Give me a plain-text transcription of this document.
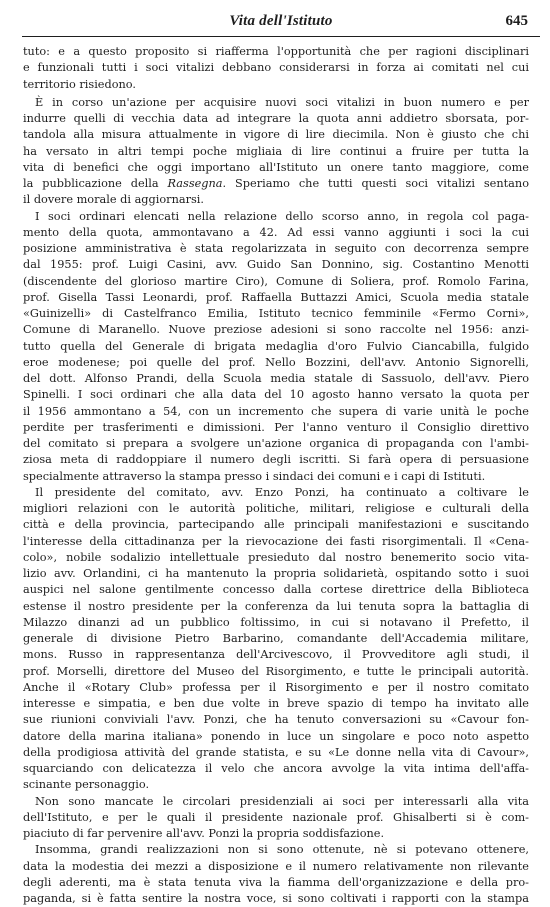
Vita dell'Istituto	645
tuto: e a questo proposito si riafferma l'opportunità che per ragioni disciplinari
e funzionali tutti i soci vitalizi debbano considerarsi in forza ai comitati nel cui
territorio risiedono.
È in corso un'azione per acquisire nuovi soci vitalizi in buon numero e per
indurre quelli di vecchia data ad integrare la quota anni addietro sborsata, por-
tandola alla misura attualmente in vigore di lire diecimila. Non è giusto che chi
ha versato in altri tempi poche migliaia di lire continui a fruire per tutta la
vita di benefici che oggi importano all'Istituto un onere tanto maggiore, come
la pubblicazione della Rassegna. Speriamo che tutti questi soci vitalizi sentano
il dovere morale di aggiornarsi.
I soci ordinari elencati nella relazione dello scorso anno, in regola col paga-
mento della quota, ammontavano a 42. Ad essi vanno aggiunti i soci la cui
posizione amministrativa è stata regolarizzata in seguito con decorrenza sempre
dal 1955: prof. Luigi Casini, avv. Guido San Donnino, sig. Costantino Menotti
(discendente del glorioso martire Ciro), Comune di Soliera, prof. Romolo Farina,
prof. Gisella Tassi Leonardi, prof. Raffaella Buttazzi Amici, Scuola media statale
«Guinizelli» di Castelfranco Emilia, Istituto tecnico femminile «Fermo Corni»,
Comune di Maranello. Nuove preziose adesioni si sono raccolte nel 1956: anzi-
tutto quella del Generale di brigata medaglia d'oro Fulvio Ciancabilla, fulgido
eroe modenese; poi quelle del prof. Nello Bozzini, dell'avv. Antonio Signorelli,
del dott. Alfonso Prandi, della Scuola media statale di Sassuolo, dell'avv. Piero
Spinelli. I soci ordinari che alla data del 10 agosto hanno versato la quota per
il 1956 ammontano a 54, con un incremento che supera di varie unità le poche
perdite per trasferimenti e dimissioni. Per l'anno venturo il Consiglio direttivo
del comitato si prepara a svolgere un'azione organica di propaganda con l'ambi-
ziosa meta di raddoppiare il numero degli iscritti. Si farà opera di persuasione
specialmente attraverso la stampa presso i sindaci dei comuni e i capi di Istituti.
Il presidente del comitato, avv. Enzo Ponzi, ha continuato a coltivare le
migliori relazioni con le autorità politiche, militari, religiose e culturali della
città e della provincia, partecipando alle principali manifestazioni e suscitando
l'interesse della cittadinanza per la rievocazione dei fasti risorgimentali. Il «Cena-
colo», nobile sodalizio intellettuale presieduto dal nostro benemerito socio vita-
lizio avv. Orlandini, ci ha mantenuto la propria solidarietà, ospitando sotto i suoi
auspici nel salone gentilmente concesso dalla cortese direttrice della Biblioteca
estense il nostro presidente per la conferenza da lui tenuta sopra la battaglia di
Milazzo dinanzi ad un pubblico foltissimo, in cui si notavano il Prefetto, il
generale di divisione Pietro Barbarino, comandante dell'Accademia militare,
mons. Russo in rappresentanza dell'Arcivescovo, il Provveditore agli studi, il
prof. Morselli, direttore del Museo del Risorgimento, e tutte le principali autorità.
Anche il «Rotary Club» professa per il Risorgimento e per il nostro comitato
interesse e simpatia, e ben due volte in breve spazio di tempo ha invitato alle
sue riunioni conviviali l'avv. Ponzi, che ha tenuto conversazioni su «Cavour fon-
datore della marina italiana» ponendo in luce un singolare e poco noto aspetto
della prodigiosa attività del grande statista, e su «Le donne nella vita di Cavour»,
squarciando con delicatezza il velo che ancora avvolge la vita intima dell'affa-
scinante personaggio.
Non sono mancate le circolari presidenziali ai soci per interessarli alla vita
dell'Istituto, e per le quali il presidente nazionale prof. Ghisalberti si è com-
piaciuto di far pervenire all'avv. Ponzi la propria soddisfazione.
Insomma, grandi realizzazioni non si sono ottenute, nè si potevano ottenere,
data la modestia dei mezzi a disposizione e il numero relativamente non rilevante
degli aderenti, ma è stata tenuta viva la fiamma dell'organizzazione e della pro-
paganda, si è fatta sentire la nostra voce, si sono coltivati i rapporti con la stampa
